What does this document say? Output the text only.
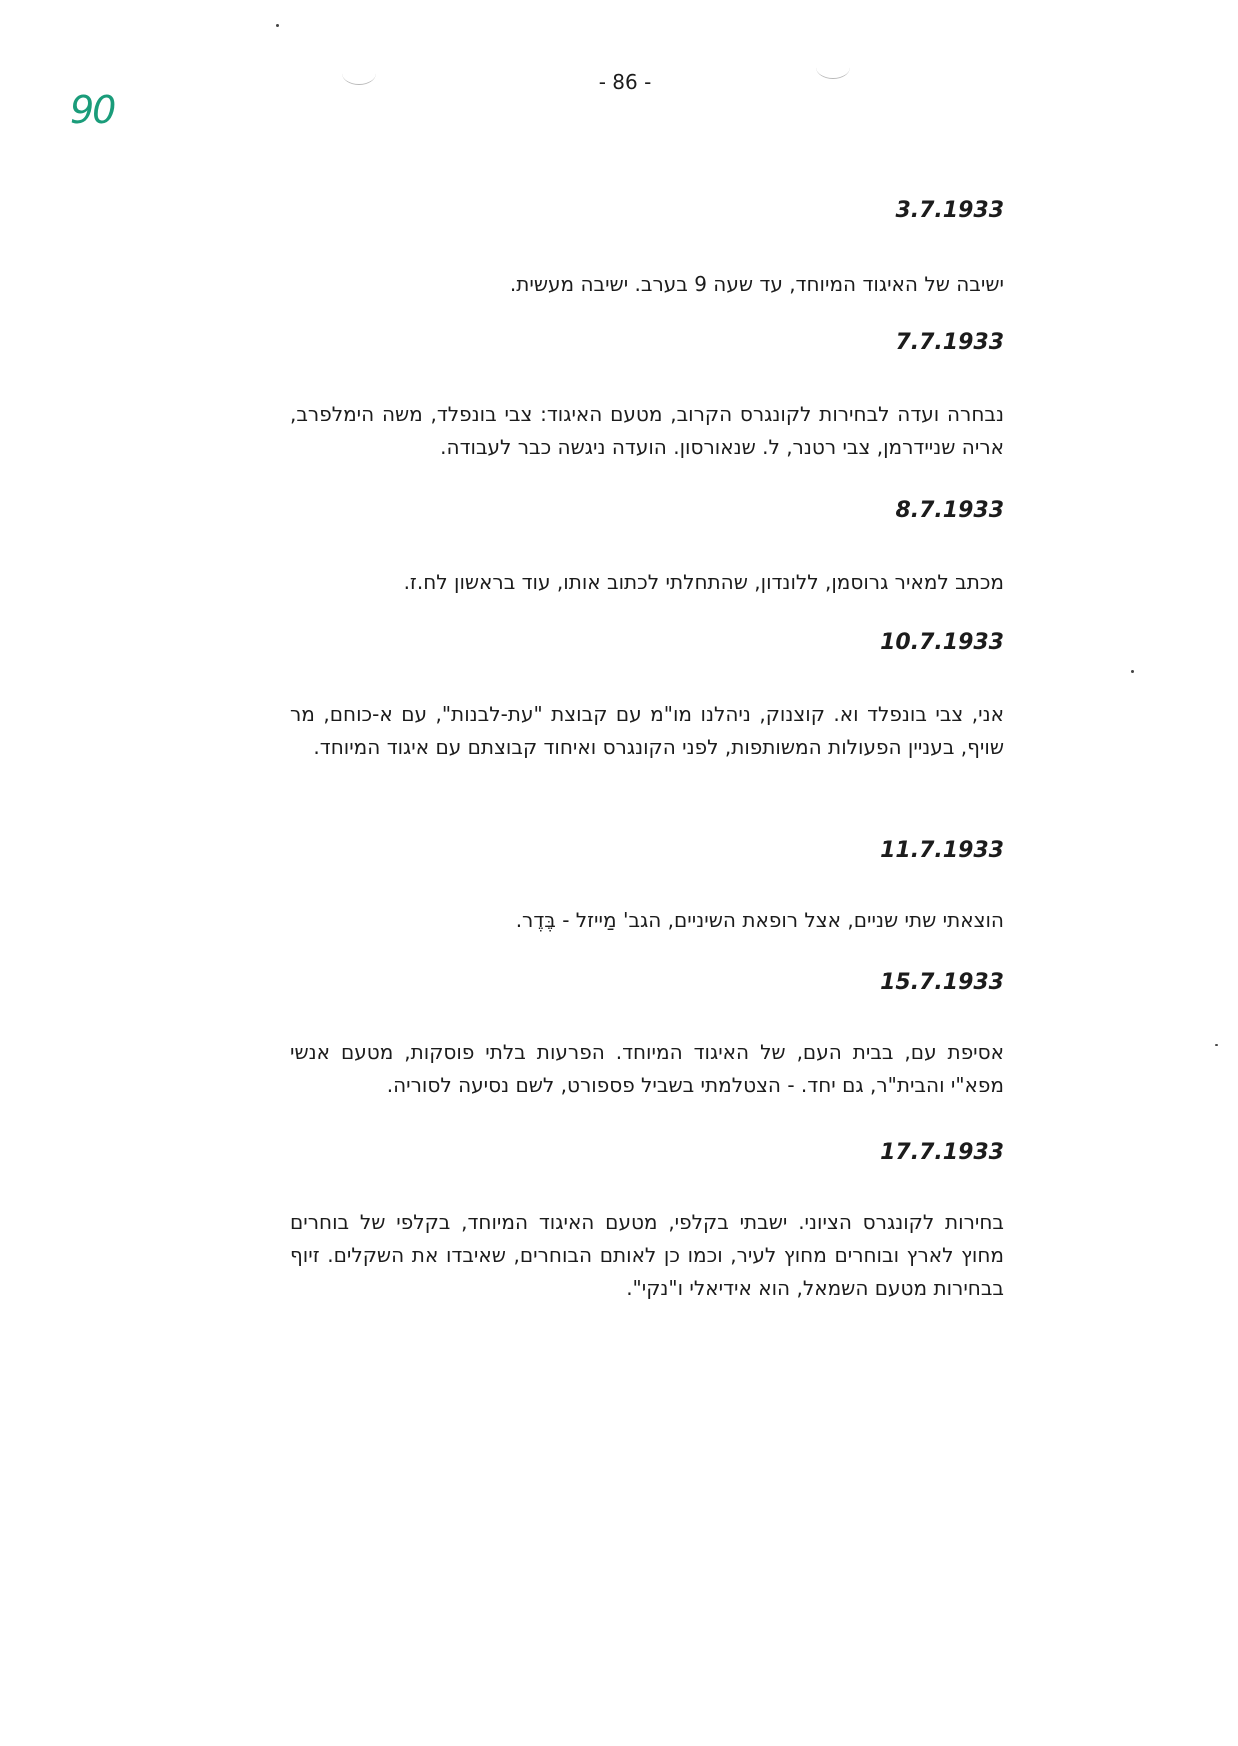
90
- 86 -
3.7.1933
ישיבה של האיגוד המיוחד, עד שעה 9 בערב. ישיבה מעשית.
7.7.1933
נבחרה ועדה לבחירות לקונגרס הקרוב, מטעם האיגוד: צבי בונפלד, משה הימלפרב, אריה שניידרמן, צבי רטנר, ל. שנאורסון. הועדה ניגשה כבר לעבודה.
8.7.1933
מכתב למאיר גרוסמן, ללונדון, שהתחלתי לכתוב אותו, עוד בראשון לח.ז.
10.7.1933
אני, צבי בונפלד וא. קוצנוק, ניהלנו מו"מ עם קבוצת "עת-לבנות", עם א-כוחם, מר שויף, בעניין הפעולות המשותפות, לפני הקונגרס ואיחוד קבוצתם עם איגוד המיוחד.
11.7.1933
הוצאתי שתי שניים, אצל רופאת השיניים, הגב' מַייזל - בֶּדֶר.
15.7.1933
אסיפת עם, בבית העם, של האיגוד המיוחד. הפרעות בלתי פוסקות, מטעם אנשי מפא"י והבית"ר, גם יחד. - הצטלמתי בשביל פספורט, לשם נסיעה לסוריה.
17.7.1933
בחירות לקונגרס הציוני. ישבתי בקלפי, מטעם האיגוד המיוחד, בקלפי של בוחרים מחוץ לארץ ובוחרים מחוץ לעיר, וכמו כן לאותם הבוחרים, שאיבדו את השקלים. זיוף בבחירות מטעם השמאל, הוא אידיאלי ו"נקי".
